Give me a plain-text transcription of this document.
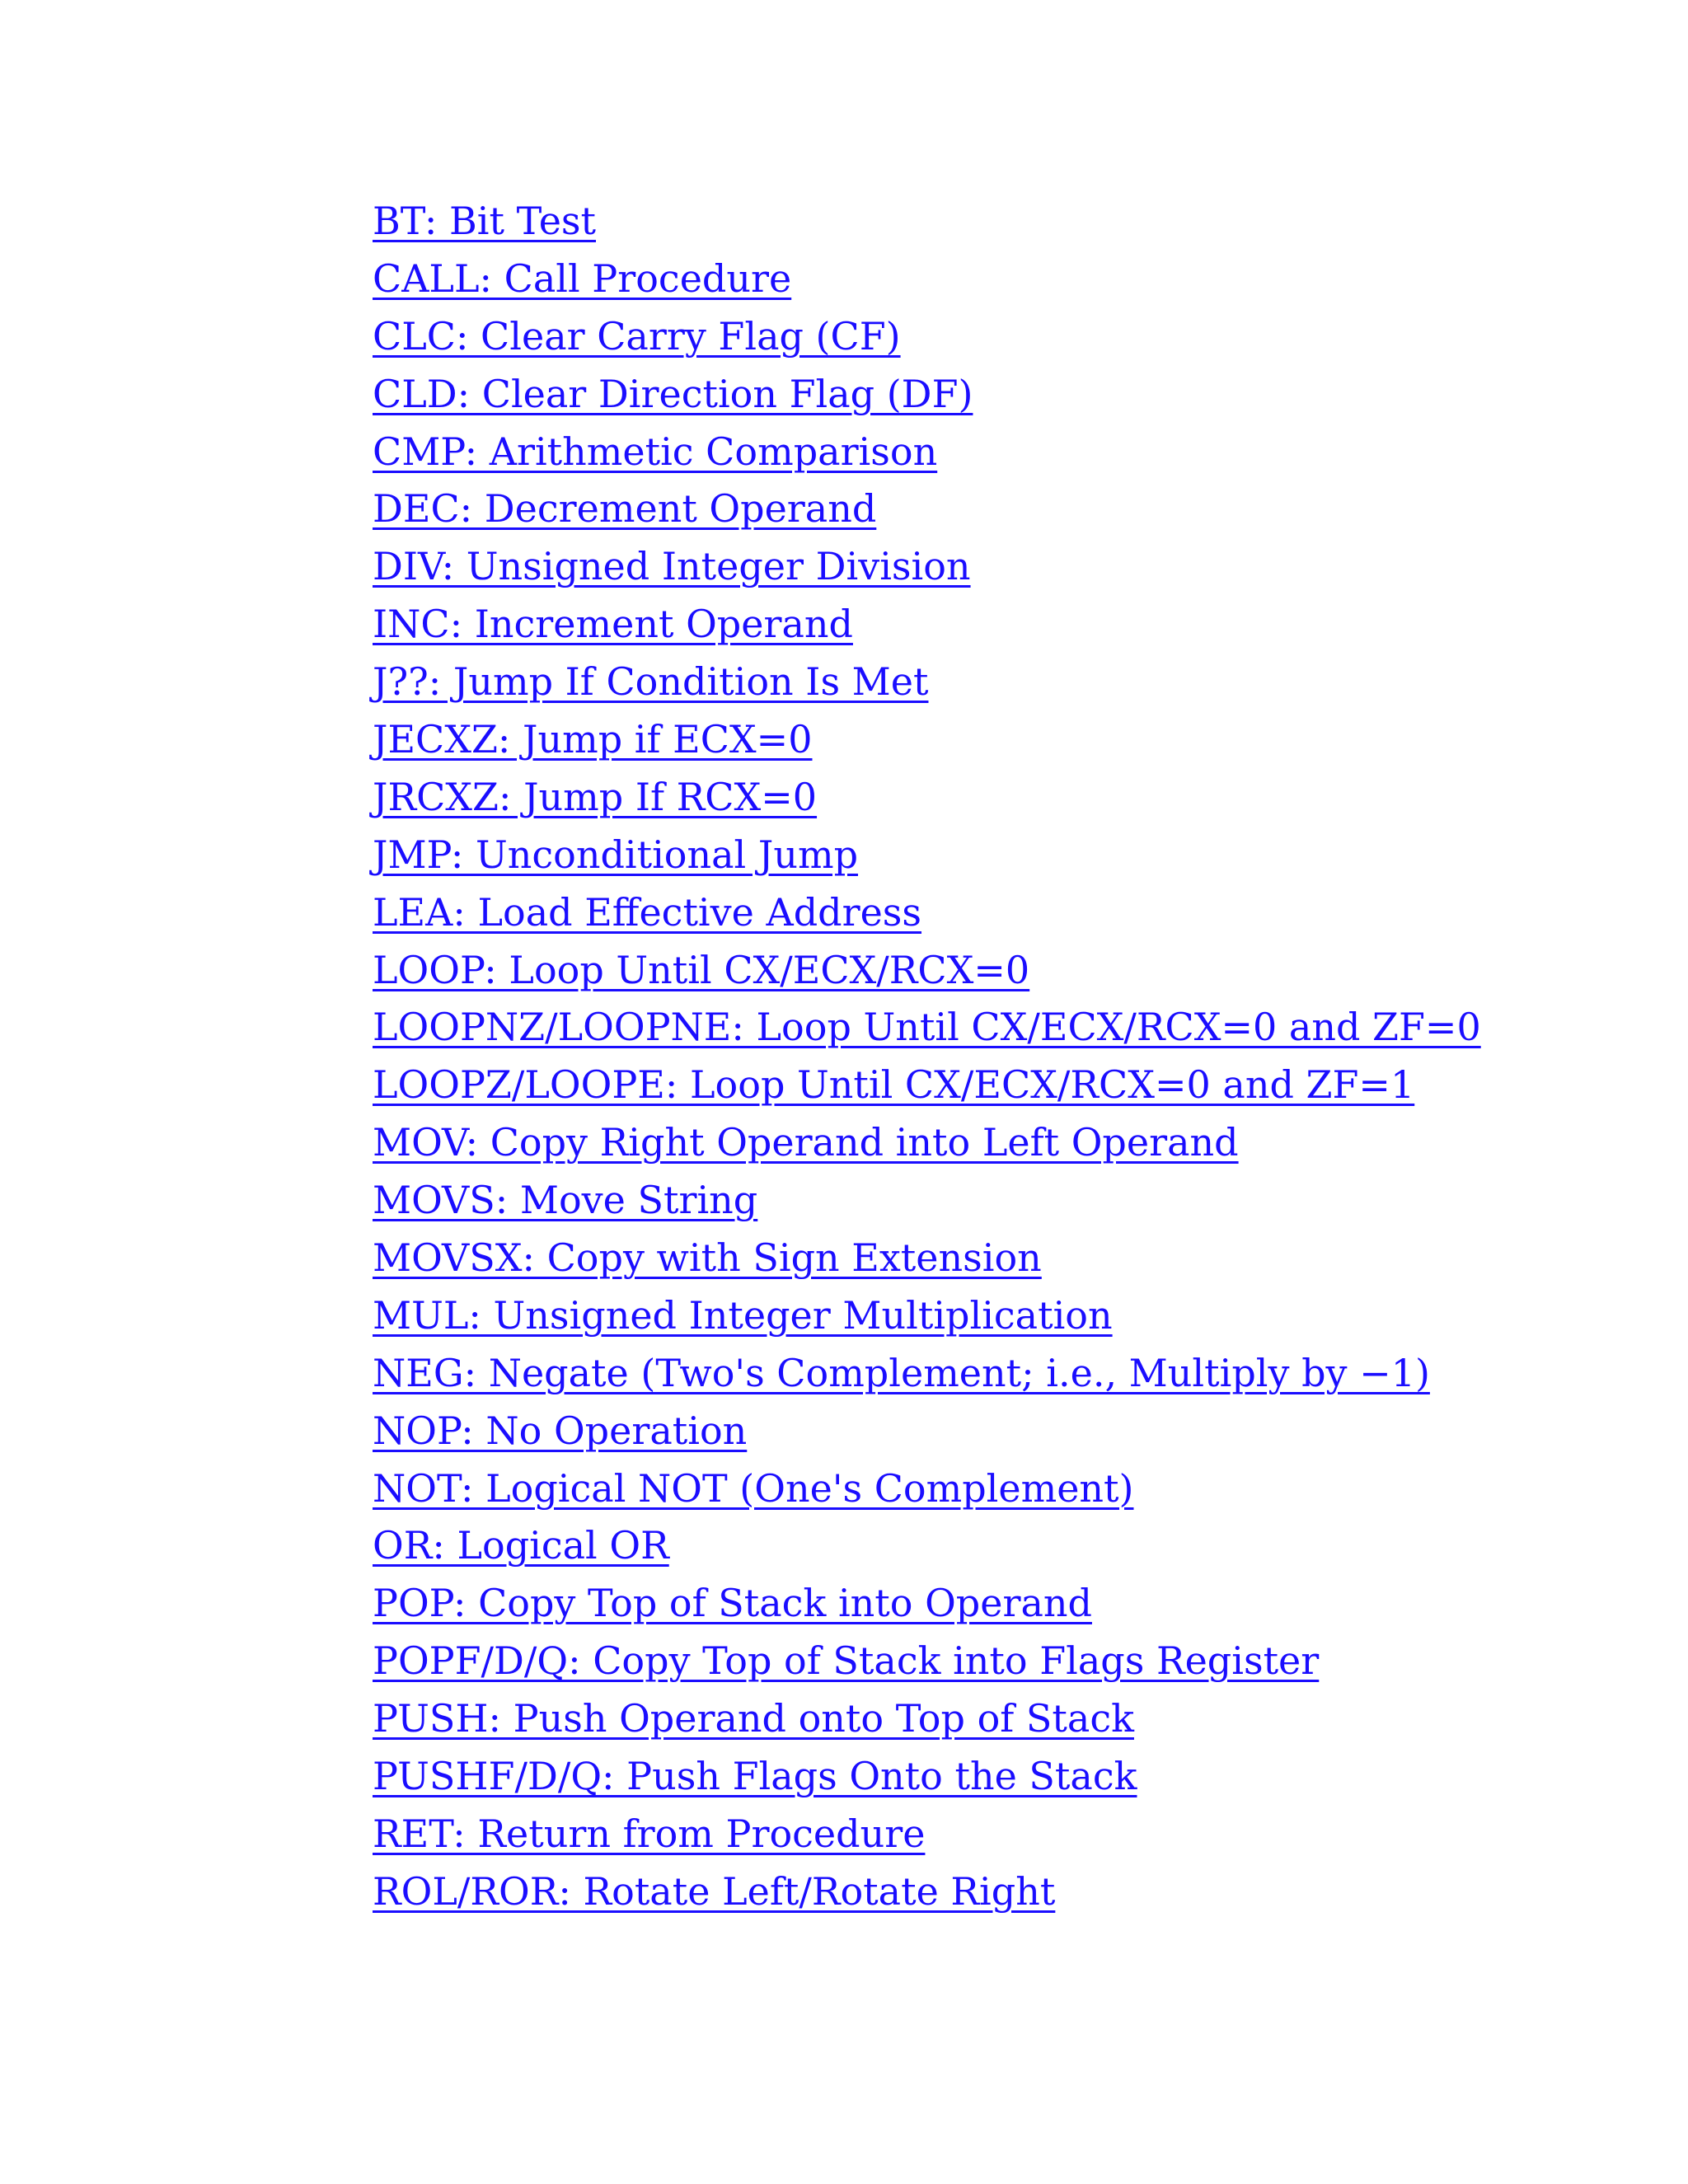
BT: Bit Test
CALL: Call Procedure
CLC: Clear Carry Flag (CF)
CLD: Clear Direction Flag (DF)
CMP: Arithmetic Comparison
DEC: Decrement Operand
DIV: Unsigned Integer Division
INC: Increment Operand
J??: Jump If Condition Is Met
JECXZ: Jump if ECX=0
JRCXZ: Jump If RCX=0
JMP: Unconditional Jump
LEA: Load Effective Address
LOOP: Loop Until CX/ECX/RCX=0
LOOPNZ/LOOPNE: Loop Until CX/ECX/RCX=0 and ZF=0
LOOPZ/LOOPE: Loop Until CX/ECX/RCX=0 and ZF=1
MOV: Copy Right Operand into Left Operand
MOVS: Move String
MOVSX: Copy with Sign Extension
MUL: Unsigned Integer Multiplication
NEG: Negate (Two's Complement; i.e., Multiply by −1)
NOP: No Operation
NOT: Logical NOT (One's Complement)
OR: Logical OR
POP: Copy Top of Stack into Operand
POPF/D/Q: Copy Top of Stack into Flags Register
PUSH: Push Operand onto Top of Stack
PUSHF/D/Q: Push Flags Onto the Stack
RET: Return from Procedure
ROL/ROR: Rotate Left/Rotate Right
